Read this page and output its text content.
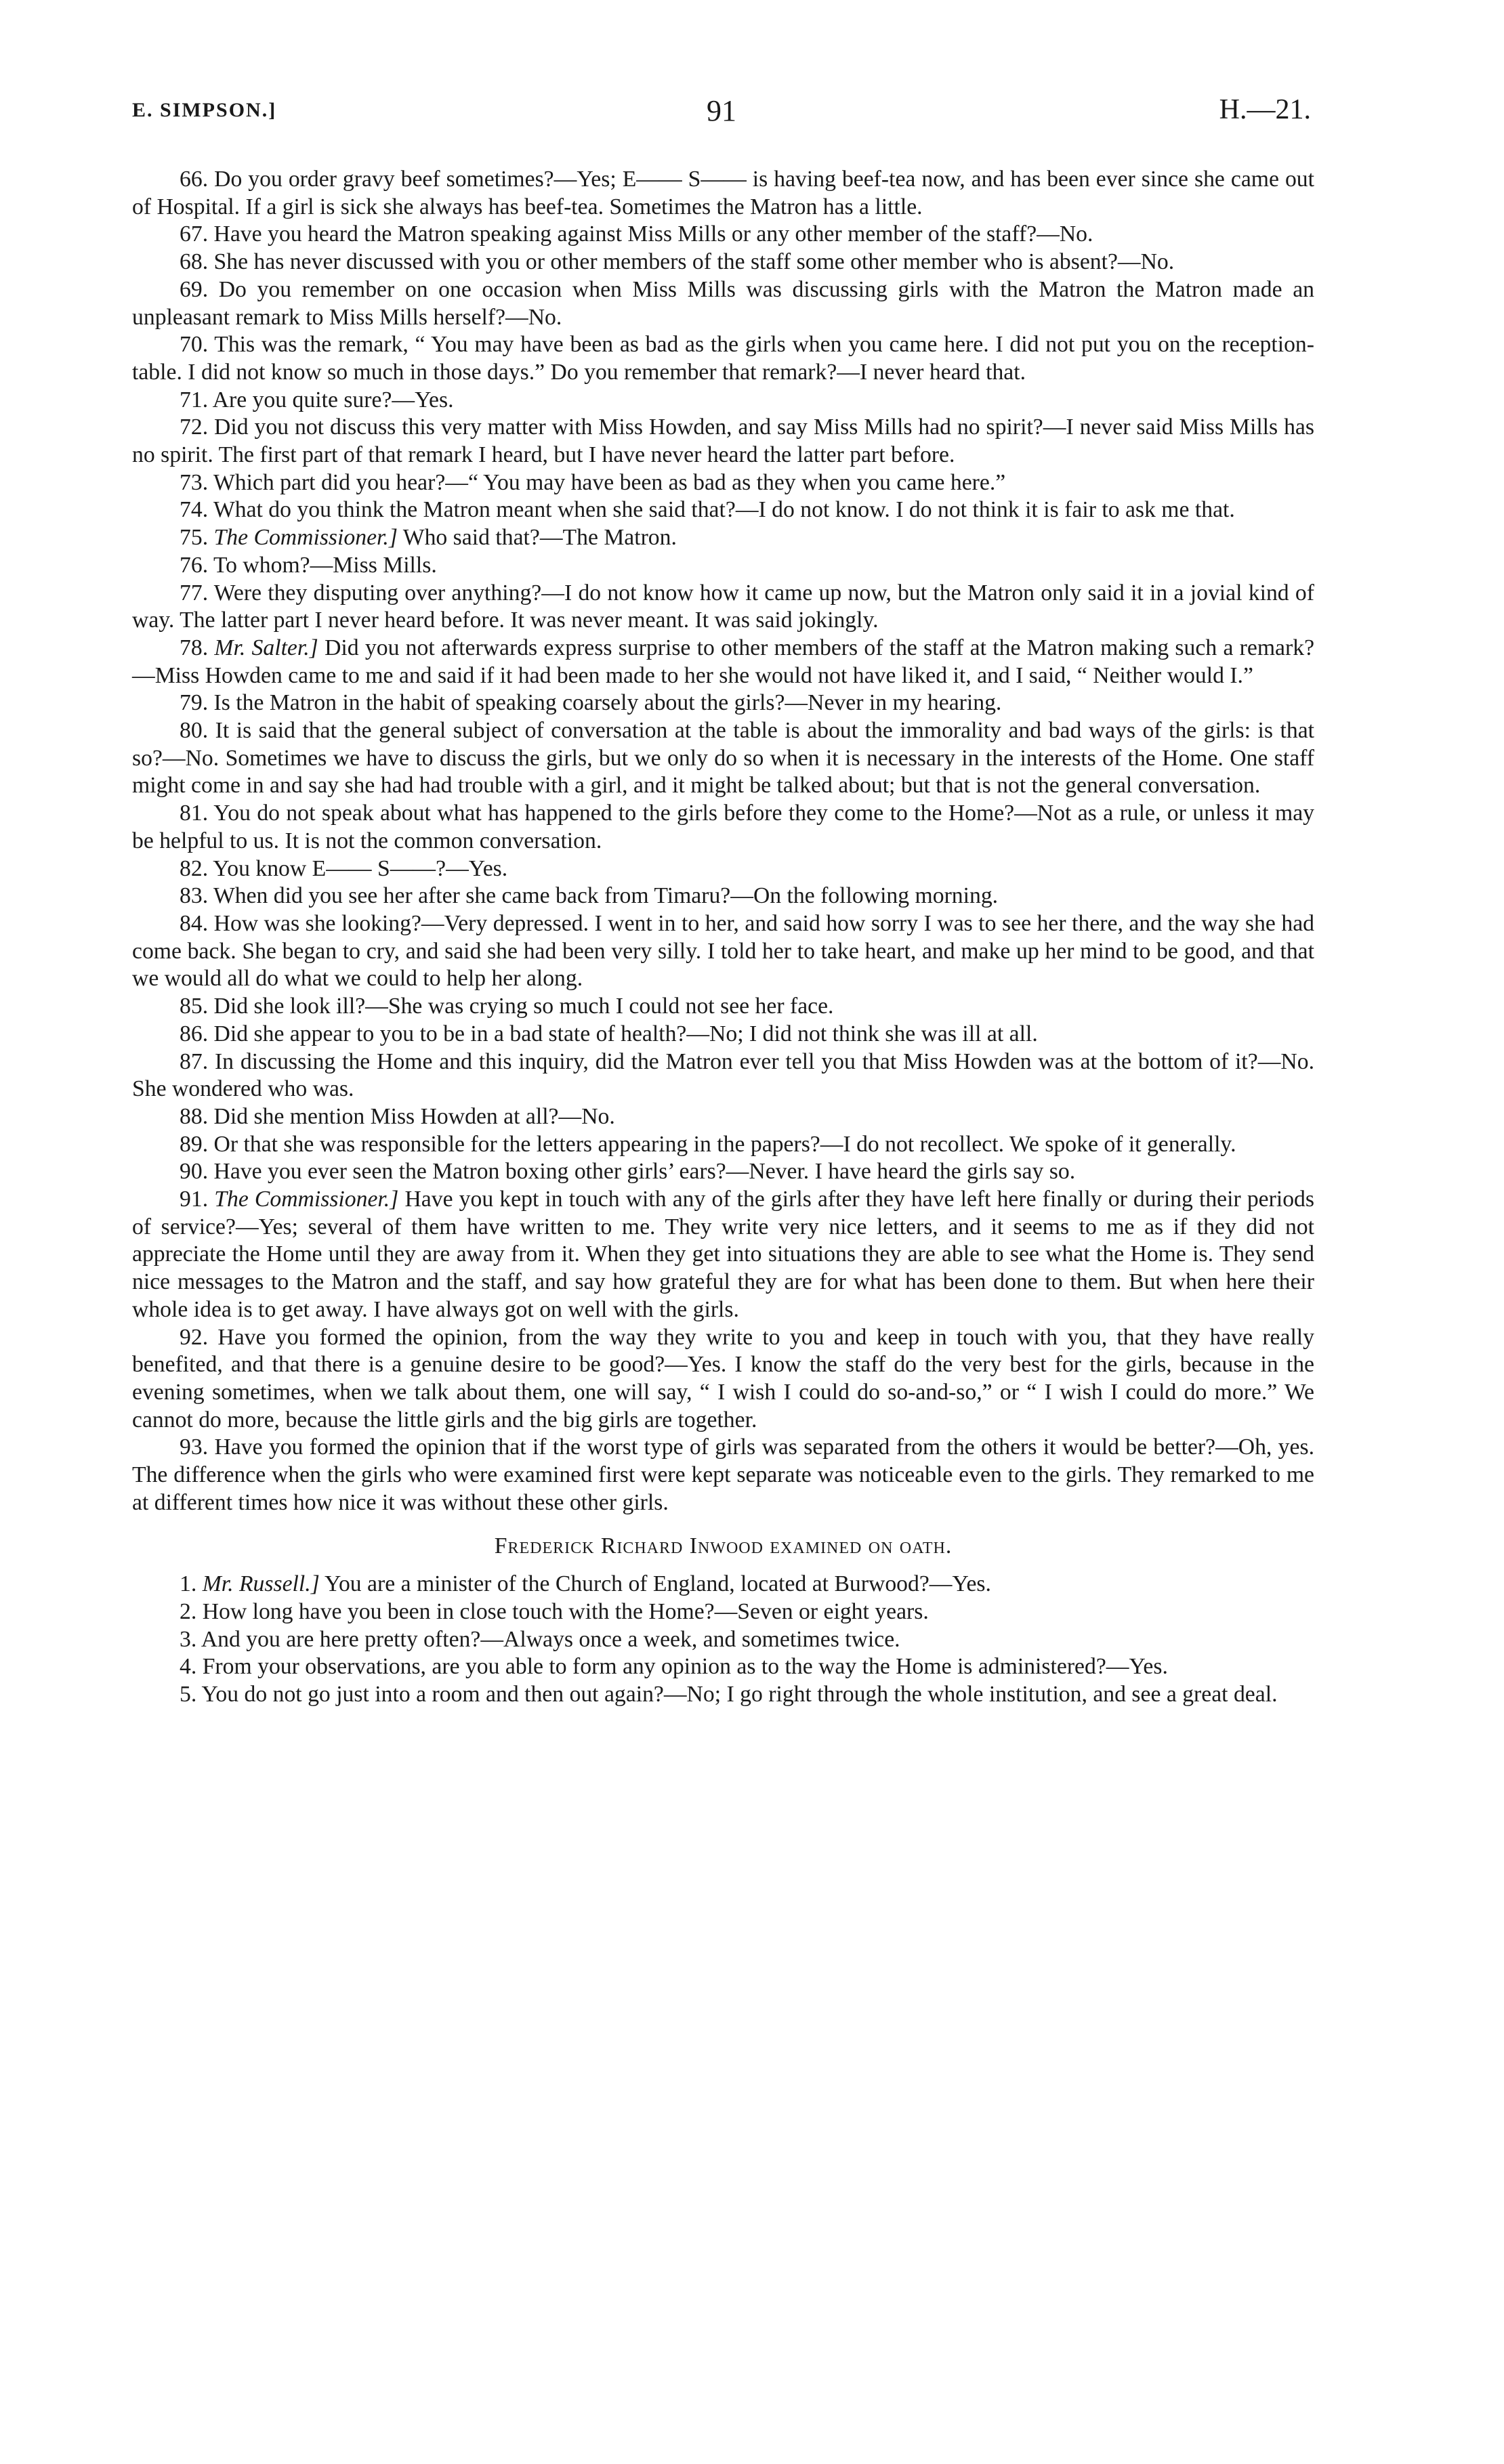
E. SIMPSON.]	91	H.—21.

66. Do you order gravy beef sometimes?—Yes; E—— S—— is having beef-tea now, and has been ever since she came out of Hospital. If a girl is sick she always has beef-tea. Sometimes the Matron has a little.

67. Have you heard the Matron speaking against Miss Mills or any other member of the staff?—No.

68. She has never discussed with you or other members of the staff some other member who is absent?—No.

69. Do you remember on one occasion when Miss Mills was discussing girls with the Matron the Matron made an unpleasant remark to Miss Mills herself?—No.

70. This was the remark, “ You may have been as bad as the girls when you came here. I did not put you on the reception-table. I did not know so much in those days.” Do you remember that remark?—I never heard that.

71. Are you quite sure?—Yes.

72. Did you not discuss this very matter with Miss Howden, and say Miss Mills had no spirit?—I never said Miss Mills has no spirit. The first part of that remark I heard, but I have never heard the latter part before.

73. Which part did you hear?—“ You may have been as bad as they when you came here.”

74. What do you think the Matron meant when she said that?—I do not know. I do not think it is fair to ask me that.

75. The Commissioner.] Who said that?—The Matron.

76. To whom?—Miss Mills.

77. Were they disputing over anything?—I do not know how it came up now, but the Matron only said it in a jovial kind of way. The latter part I never heard before. It was never meant. It was said jokingly.

78. Mr. Salter.] Did you not afterwards express surprise to other members of the staff at the Matron making such a remark?—Miss Howden came to me and said if it had been made to her she would not have liked it, and I said, “ Neither would I.”

79. Is the Matron in the habit of speaking coarsely about the girls?—Never in my hearing.

80. It is said that the general subject of conversation at the table is about the immorality and bad ways of the girls: is that so?—No. Sometimes we have to discuss the girls, but we only do so when it is necessary in the interests of the Home. One staff might come in and say she had had trouble with a girl, and it might be talked about; but that is not the general conversation.

81. You do not speak about what has happened to the girls before they come to the Home?—Not as a rule, or unless it may be helpful to us. It is not the common conversation.

82. You know E—— S——?—Yes.

83. When did you see her after she came back from Timaru?—On the following morning.

84. How was she looking?—Very depressed. I went in to her, and said how sorry I was to see her there, and the way she had come back. She began to cry, and said she had been very silly. I told her to take heart, and make up her mind to be good, and that we would all do what we could to help her along.

85. Did she look ill?—She was crying so much I could not see her face.

86. Did she appear to you to be in a bad state of health?—No; I did not think she was ill at all.

87. In discussing the Home and this inquiry, did the Matron ever tell you that Miss Howden was at the bottom of it?—No. She wondered who was.

88. Did she mention Miss Howden at all?—No.

89. Or that she was responsible for the letters appearing in the papers?—I do not recollect. We spoke of it generally.

90. Have you ever seen the Matron boxing other girls’ ears?—Never. I have heard the girls say so.

91. The Commissioner.] Have you kept in touch with any of the girls after they have left here finally or during their periods of service?—Yes; several of them have written to me. They write very nice letters, and it seems to me as if they did not appreciate the Home until they are away from it. When they get into situations they are able to see what the Home is. They send nice messages to the Matron and the staff, and say how grateful they are for what has been done to them. But when here their whole idea is to get away. I have always got on well with the girls.

92. Have you formed the opinion, from the way they write to you and keep in touch with you, that they have really benefited, and that there is a genuine desire to be good?—Yes. I know the staff do the very best for the girls, because in the evening sometimes, when we talk about them, one will say, “ I wish I could do so-and-so,” or “ I wish I could do more.” We cannot do more, because the little girls and the big girls are together.

93. Have you formed the opinion that if the worst type of girls was separated from the others it would be better?—Oh, yes. The difference when the girls who were examined first were kept separate was noticeable even to the girls. They remarked to me at different times how nice it was without these other girls.

Frederick Richard Inwood examined on oath.

1. Mr. Russell.] You are a minister of the Church of England, located at Burwood?—Yes.

2. How long have you been in close touch with the Home?—Seven or eight years.

3. And you are here pretty often?—Always once a week, and sometimes twice.

4. From your observations, are you able to form any opinion as to the way the Home is administered?—Yes.

5. You do not go just into a room and then out again?—No; I go right through the whole institution, and see a great deal.
